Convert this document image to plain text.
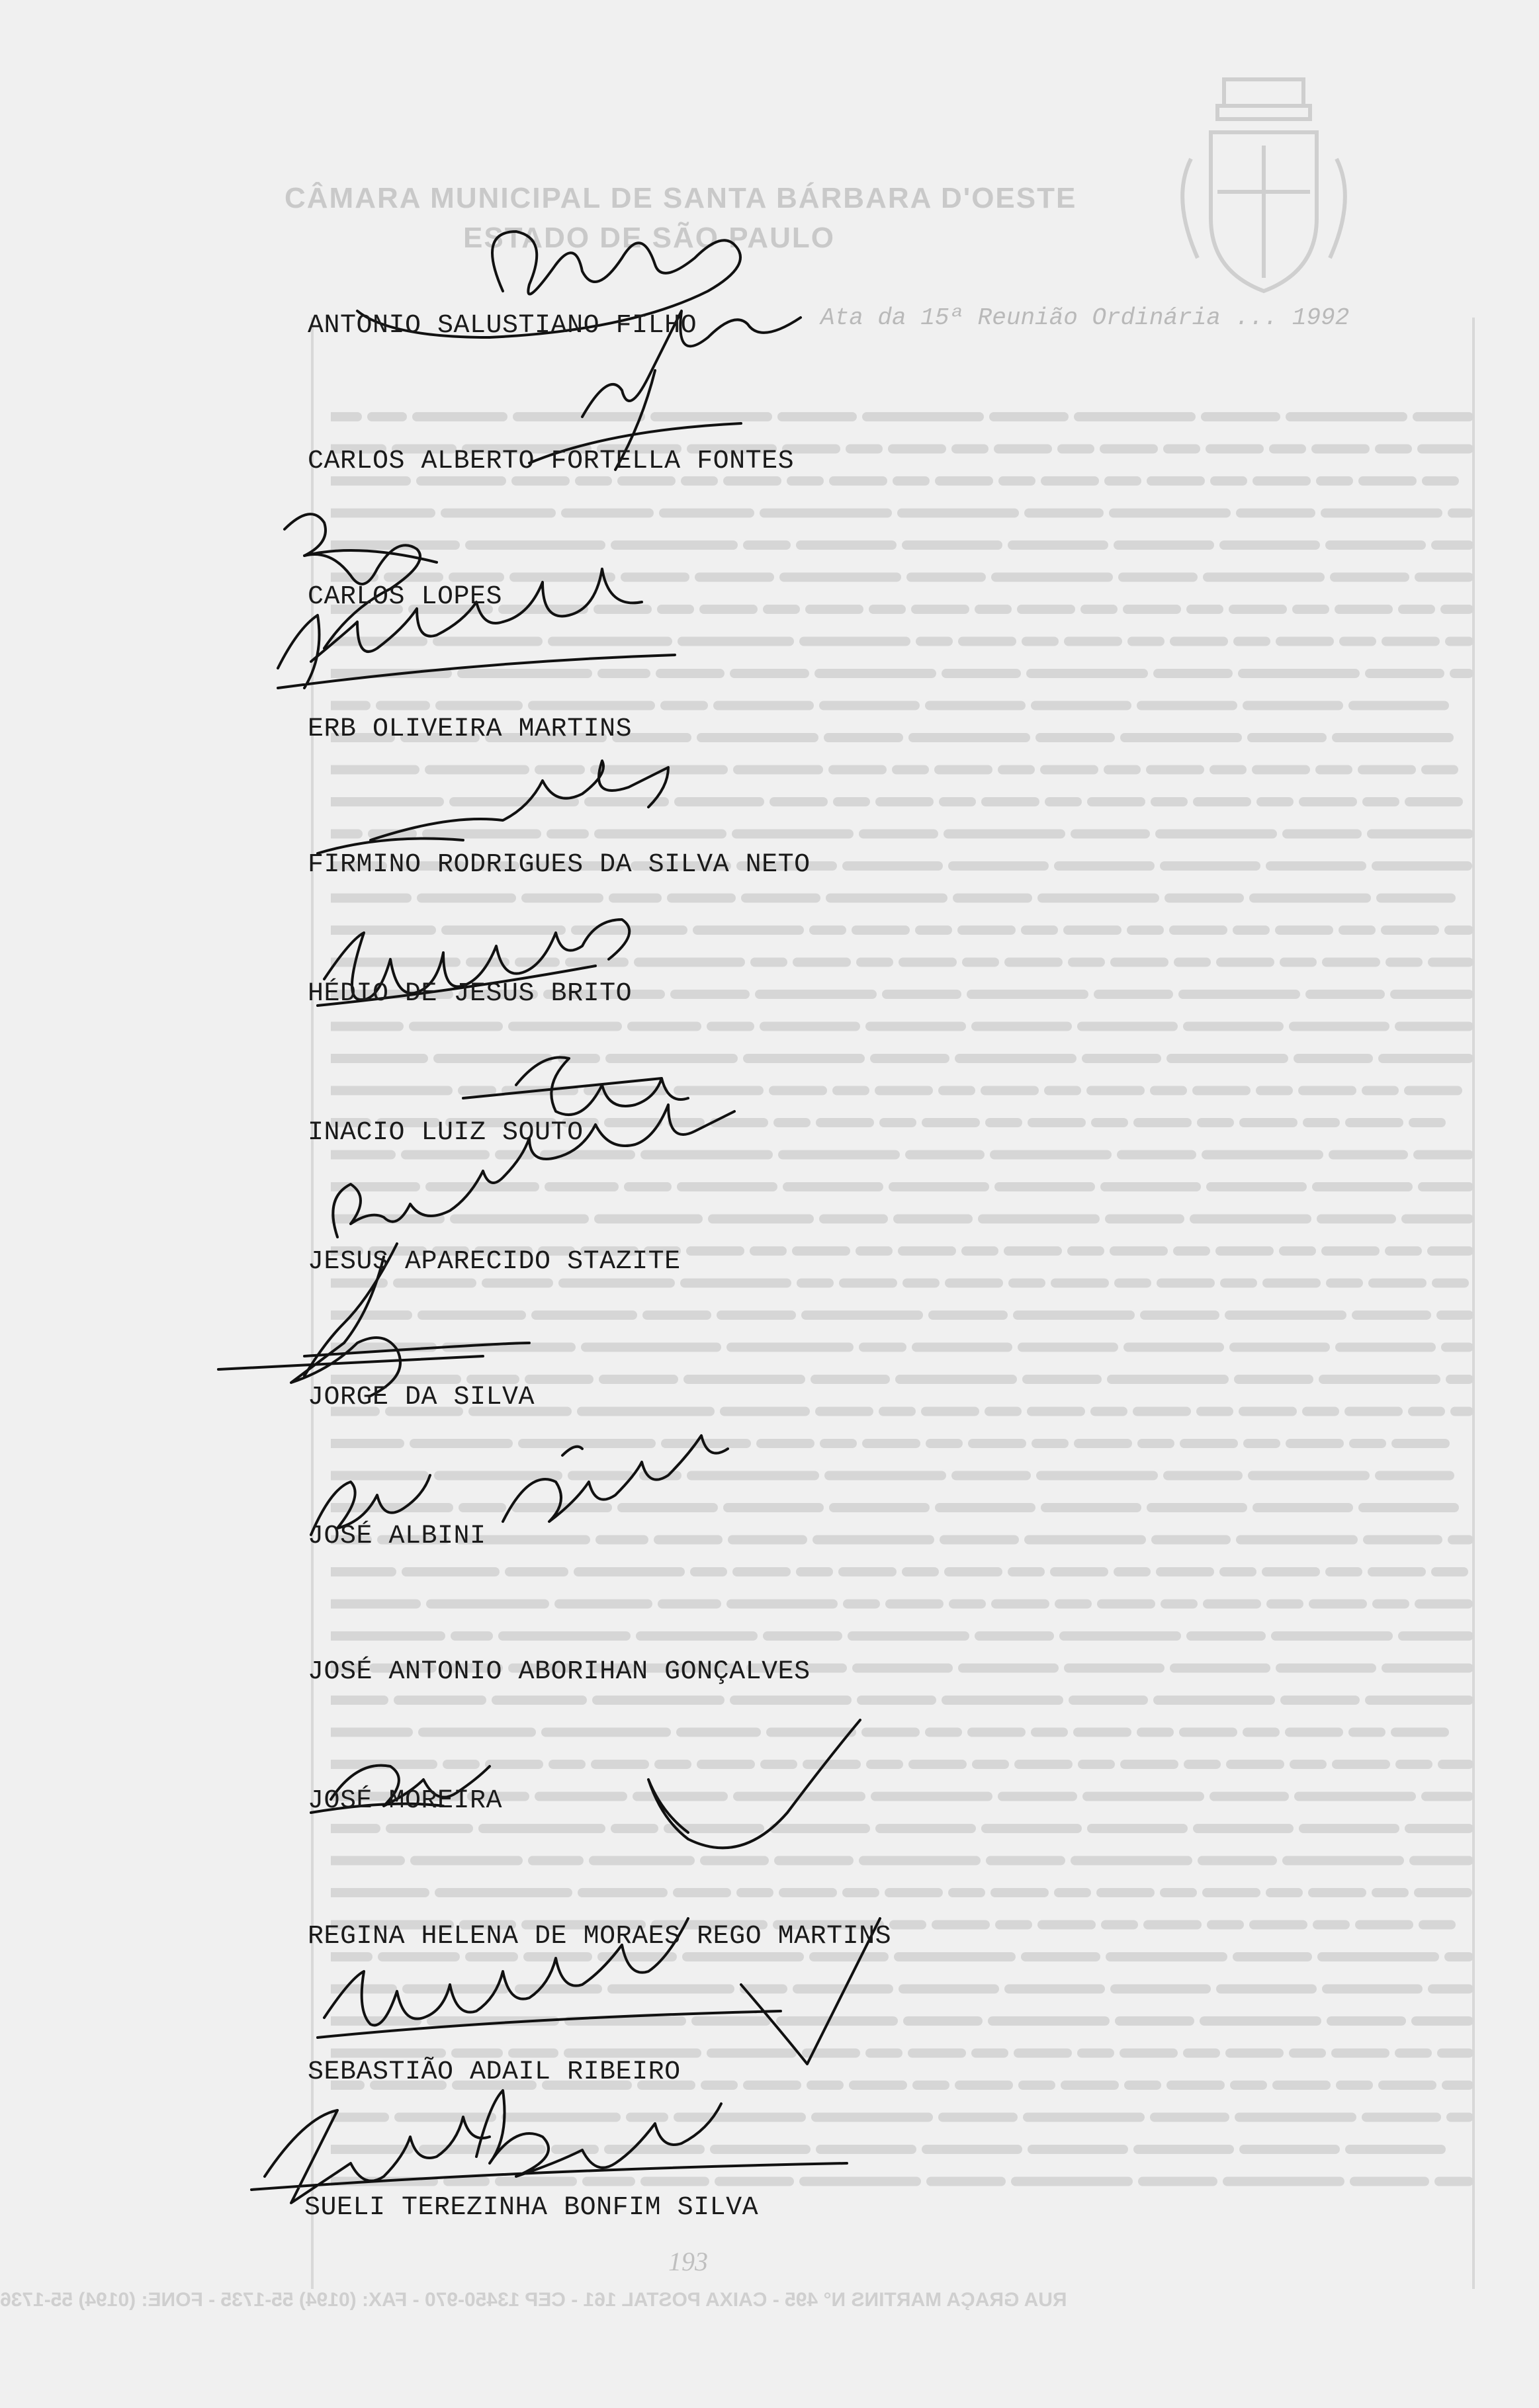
CÂMARA MUNICIPAL DE SANTA BÁRBARA D'OESTE
ESTADO DE SÃO PAULO
Ata da 15ª Reunião Ordinária ... 1992
RUA GRAÇA MARTINS N° 495 - CAIXA POSTAL 161 - CEP 13450-970 - FAX: (0194) 55-1735 - FONE: (0194) 55-1736
193
ANTONIO SALUSTIANO FILHO
CARLOS ALBERTO FORTELLA FONTES
CARLOS LOPES
ERB OLIVEIRA MARTINS
FIRMINO RODRIGUES DA SILVA NETO
HÉDIO DE JESUS BRITO
INACIO LUIZ SOUTO
JESUS APARECIDO STAZITE
JORGE DA SILVA
JOSÉ ALBINI
JOSÉ ANTONIO ABORIHAN GONÇALVES
JOSÉ MOREIRA
REGINA HELENA DE MORAES REGO MARTINS
SEBASTIÃO ADAIL RIBEIRO
SUELI TEREZINHA BONFIM SILVA
